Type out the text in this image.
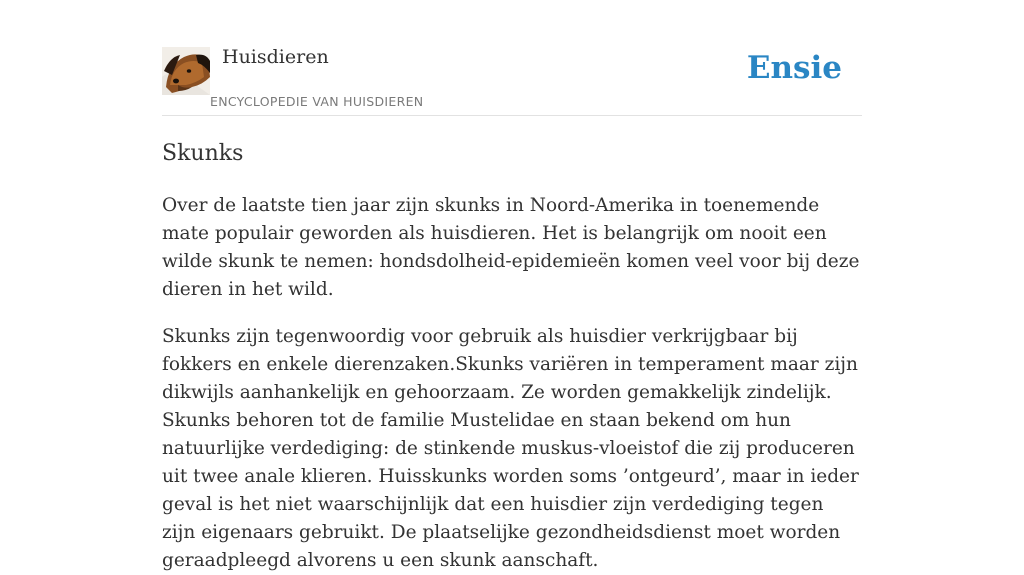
Huisdieren
ENCYCLOPEDIE VAN HUISDIEREN
Ensie
Skunks

Over de laatste tien jaar zijn skunks in Noord-Amerika in toenemende mate populair geworden als huisdieren. Het is belangrijk om nooit een wilde skunk te nemen: hondsdolheid-epidemieën komen veel voor bij deze dieren in het wild.

Skunks zijn tegenwoordig voor gebruik als huisdier verkrijgbaar bij fokkers en enkele dierenzaken.Skunks variëren in temperament maar zijn dikwijls aanhankelijk en gehoorzaam. Ze worden gemakkelijk zindelijk. Skunks behoren tot de familie Mustelidae en staan bekend om hun natuurlijke verdediging: de stinkende muskus-vloeistof die zij produceren uit twee anale klieren. Huisskunks worden soms ’ontgeurd’, maar in ieder geval is het niet waarschijnlijk dat een huisdier zijn verdediging tegen zijn eigenaars gebruikt. De plaatselijke gezondheidsdienst moet worden geraadpleegd alvorens u een skunk aanschaft.
